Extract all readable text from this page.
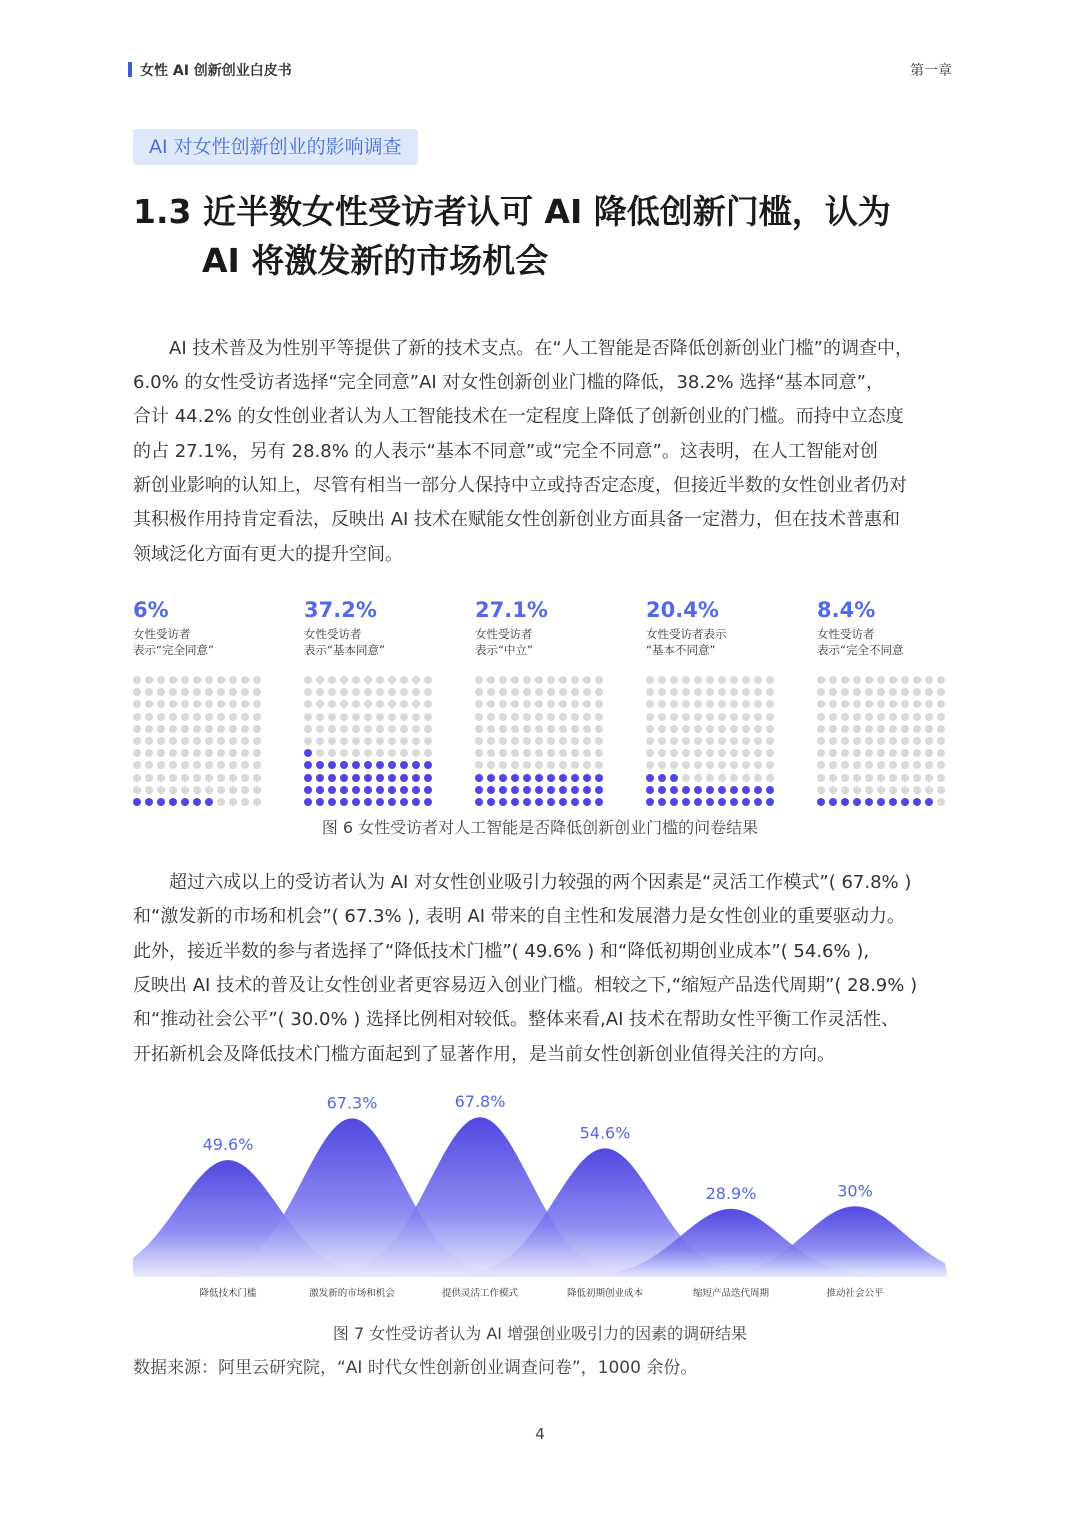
女性 AI 创新创业白皮书	第一章
AI 对女性创新创业的影响调查
1.3 近半数女性受访者认可 AI 降低创新门槛，认为
AI 将激发新的市场机会
　　AI 技术普及为性别平等提供了新的技术支点。在“人工智能是否降低创新创业门槛”的调查中，
6.0% 的女性受访者选择“完全同意”AI 对女性创新创业门槛的降低，38.2% 选择“基本同意”，
合计 44.2% 的女性创业者认为人工智能技术在一定程度上降低了创新创业的门槛。而持中立态度
的占 27.1%，另有 28.8% 的人表示“基本不同意”或“完全不同意”。这表明，在人工智能对创
新创业影响的认知上，尽管有相当一部分人保持中立或持否定态度，但接近半数的女性创业者仍对
其积极作用持肯定看法，反映出 AI 技术在赋能女性创新创业方面具备一定潜力，但在技术普惠和
领域泛化方面有更大的提升空间。
6%
女性受访者
表示“完全同意”
37.2%
女性受访者
表示“基本同意”
27.1%
女性受访者
表示“中立”
20.4%
女性受访者表示
“基本不同意”
8.4%
女性受访者
表示“完全不同意
图 6 女性受访者对人工智能是否降低创新创业门槛的问卷结果
　　超过六成以上的受访者认为 AI 对女性创业吸引力较强的两个因素是“灵活工作模式”( 67.8% )
和“激发新的市场和机会”( 67.3% ), 表明 AI 带来的自主性和发展潜力是女性创业的重要驱动力。
此外，接近半数的参与者选择了“降低技术门槛”( 49.6% ) 和“降低初期创业成本”( 54.6% ),
反映出 AI 技术的普及让女性创业者更容易迈入创业门槛。相较之下,“缩短产品迭代周期”( 28.9% )
和“推动社会公平”( 30.0% ) 选择比例相对较低。整体来看,AI 技术在帮助女性平衡工作灵活性、
开拓新机会及降低技术门槛方面起到了显著作用，是当前女性创新创业值得关注的方向。
49.6%
降低技术门槛
67.3%
激发新的市场和机会
67.8%
提供灵活工作模式
54.6%
降低初期创业成本
28.9%
缩短产品迭代周期
30%
推动社会公平
图 7 女性受访者认为 AI 增强创业吸引力的因素的调研结果
数据来源：阿里云研究院，“AI 时代女性创新创业调查问卷”，1000 余份。
4
